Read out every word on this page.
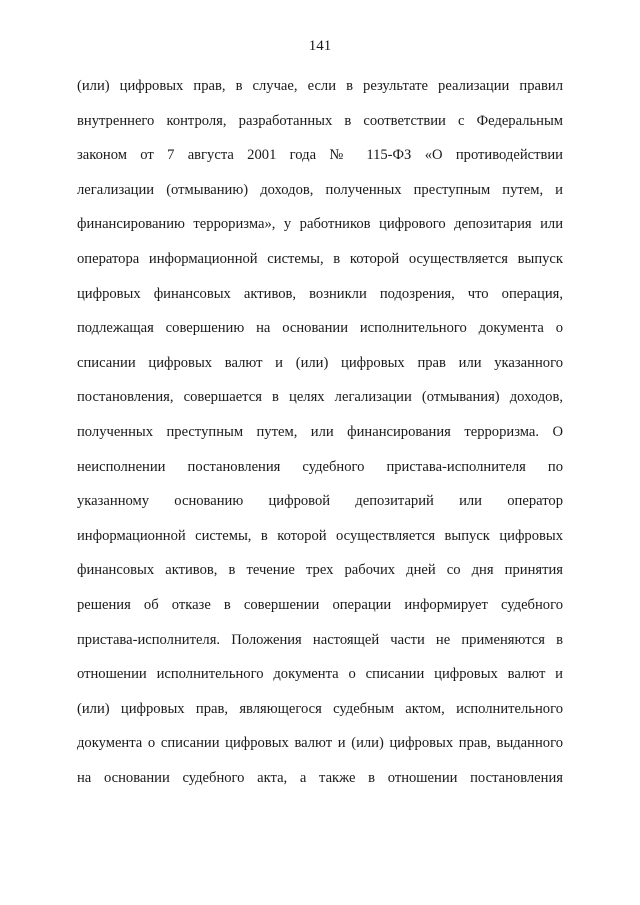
141
(или) цифровых прав, в случае, если в результате реализации правил
внутреннего контроля, разработанных в соответствии с Федеральным
законом от 7 августа 2001 года № 115-ФЗ «О противодействии
легализации (отмыванию) доходов, полученных преступным путем, и
финансированию терроризма», у работников цифрового депозитария или
оператора информационной системы, в которой осуществляется выпуск
цифровых финансовых активов, возникли подозрения, что операция,
подлежащая совершению на основании исполнительного документа о
списании цифровых валют и (или) цифровых прав или указанного
постановления, совершается в целях легализации (отмывания) доходов,
полученных преступным путем, или финансирования терроризма. О
неисполнении постановления судебного пристава-исполнителя по
указанному основанию цифровой депозитарий или оператор
информационной системы, в которой осуществляется выпуск цифровых
финансовых активов, в течение трех рабочих дней со дня принятия
решения об отказе в совершении операции информирует судебного
пристава-исполнителя. Положения настоящей части не применяются в
отношении исполнительного документа о списании цифровых валют и
(или) цифровых прав, являющегося судебным актом, исполнительного
документа о списании цифровых валют и (или) цифровых прав, выданного
на основании судебного акта, а также в отношении постановления
